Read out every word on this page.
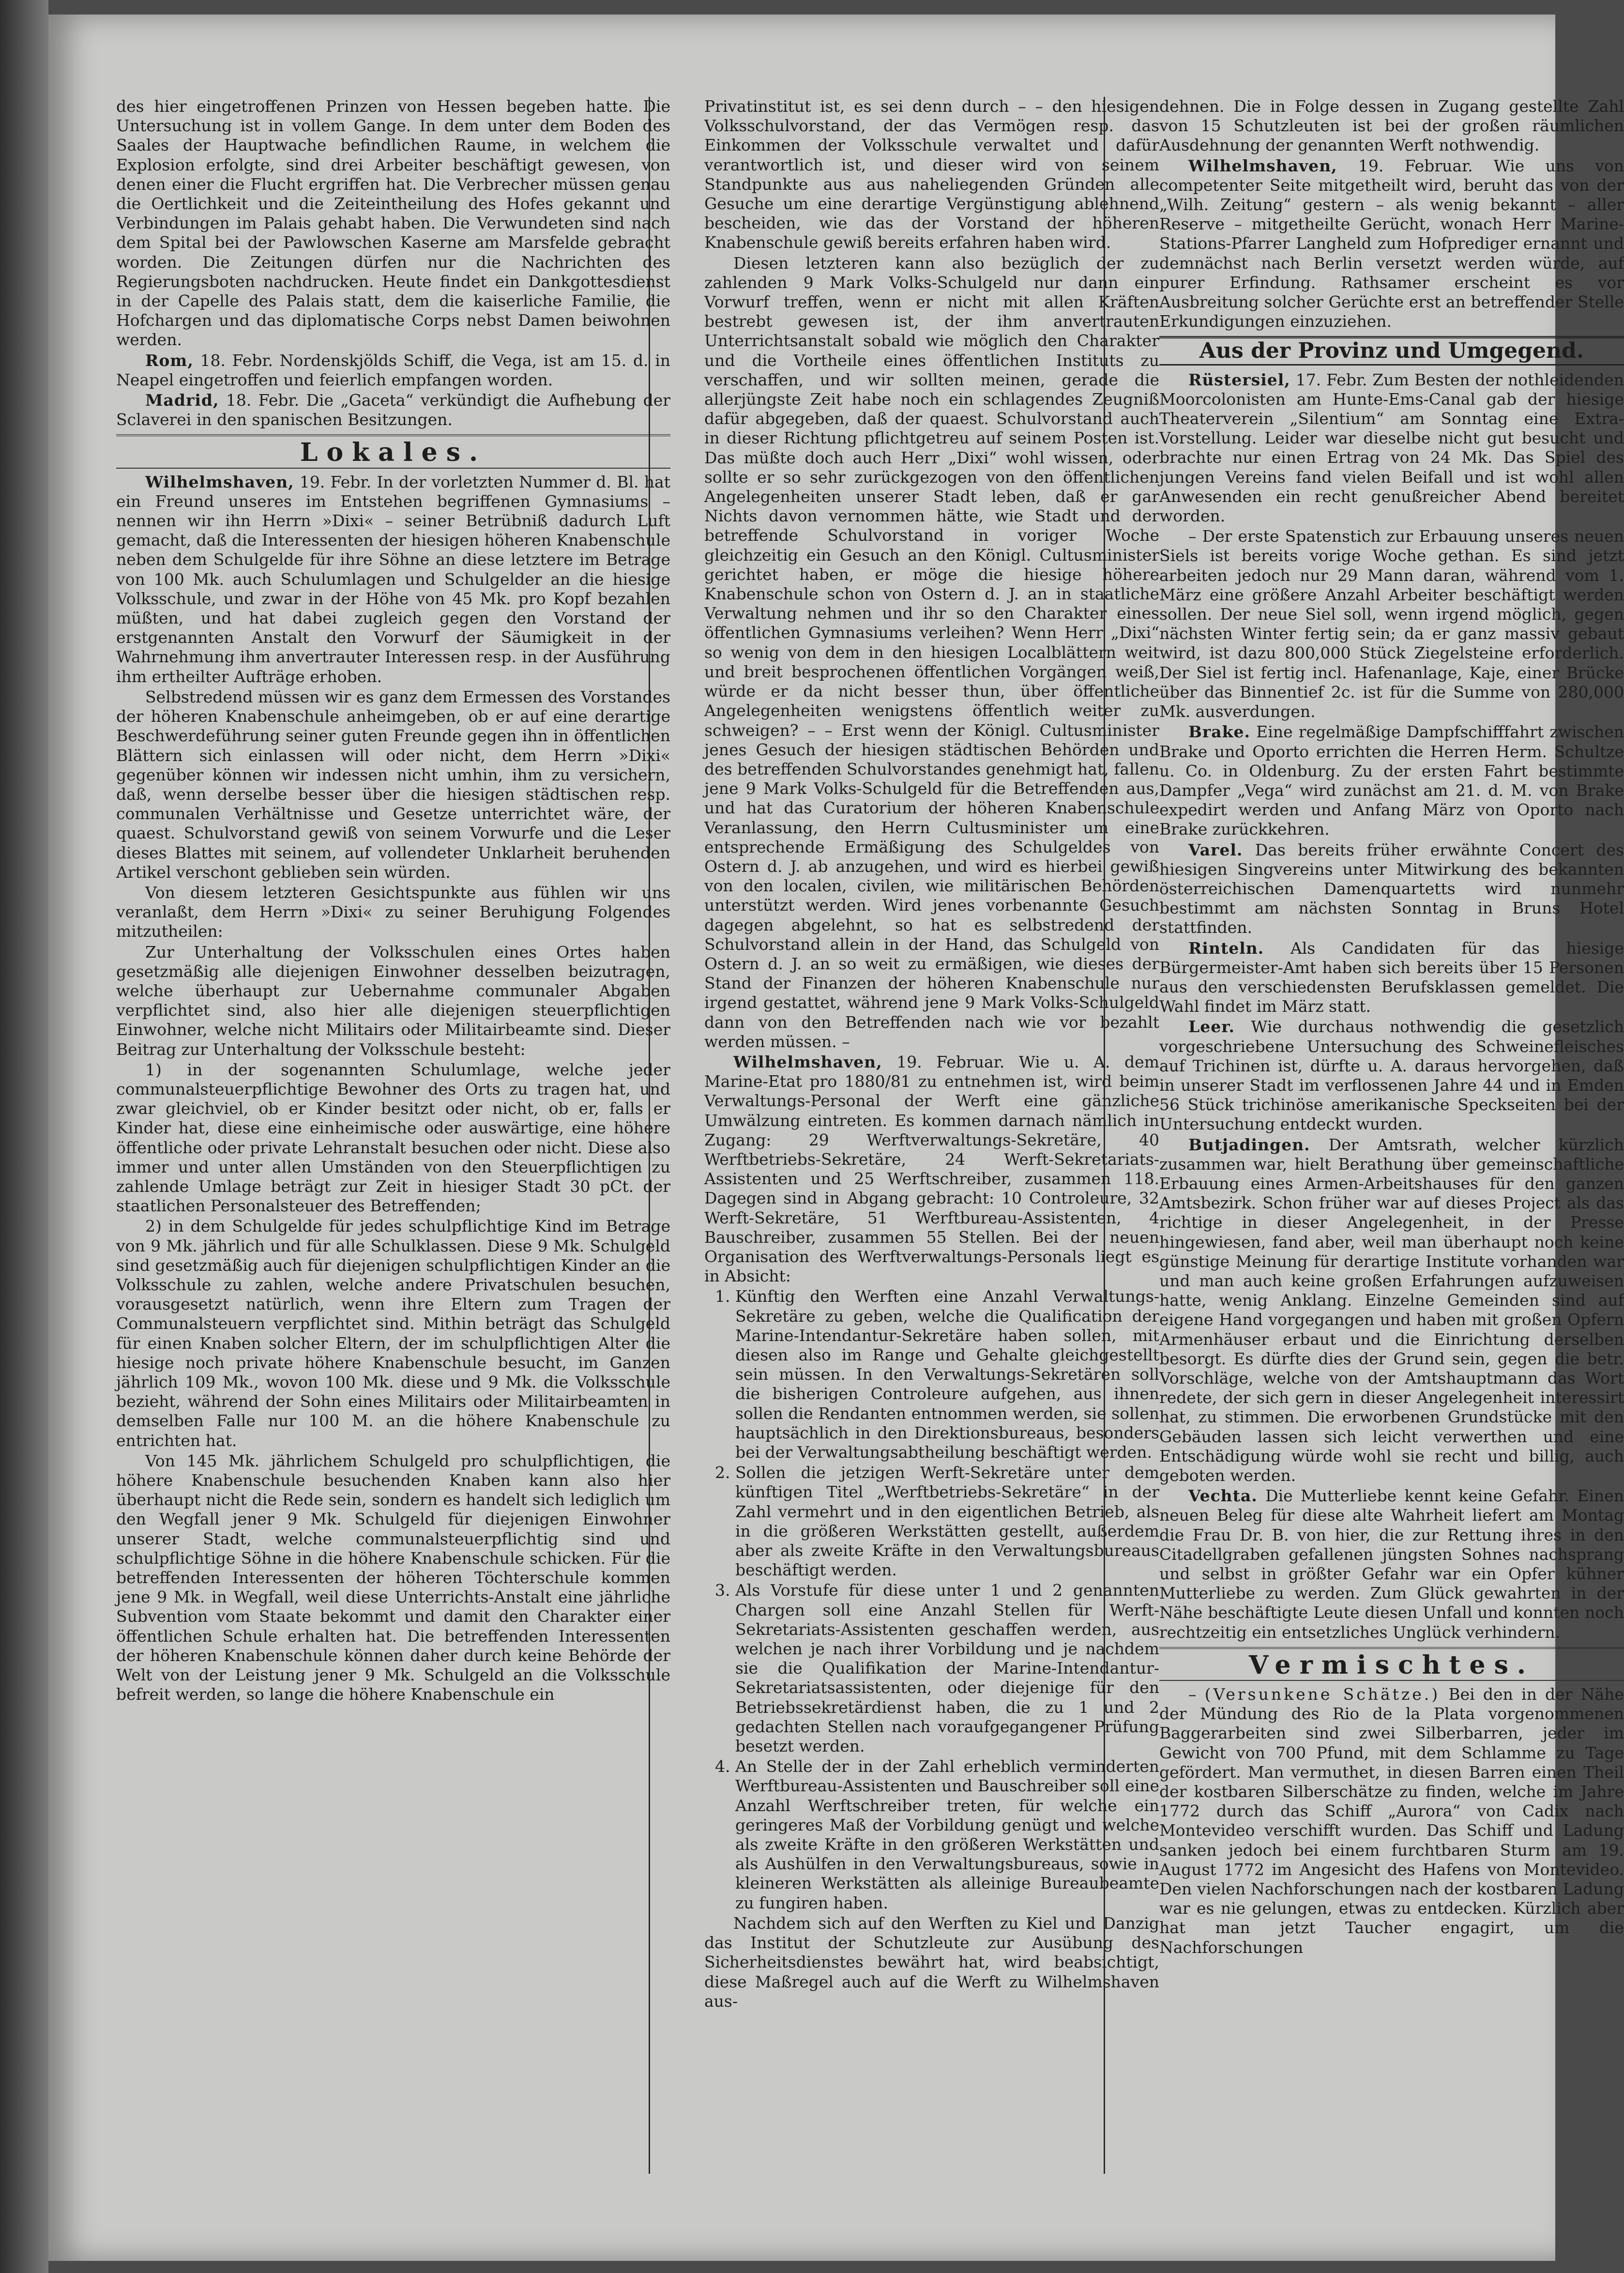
des hier eingetroffenen Prinzen von Hessen begeben hatte. Die Untersuchung ist in vollem Gange. In dem unter dem Boden des Saales der Hauptwache befindlichen Raume, in welchem die Explosion erfolgte, sind drei Arbeiter beschäftigt gewesen, von denen einer die Flucht ergriffen hat. Die Verbrecher müssen genau die Oertlichkeit und die Zeiteintheilung des Hofes gekannt und Verbindungen im Palais gehabt haben. Die Verwundeten sind nach dem Spital bei der Pawlowschen Kaserne am Marsfelde gebracht worden. Die Zeitungen dürfen nur die Nachrichten des Regierungsboten nachdrucken. Heute findet ein Dankgottesdienst in der Capelle des Palais statt, dem die kaiserliche Familie, die Hofchargen und das diplomatische Corps nebst Damen beiwohnen werden.

Rom, 18. Febr. Nordenskjölds Schiff, die Vega, ist am 15. d. in Neapel eingetroffen und feierlich empfangen worden.

Madrid, 18. Febr. Die „Gaceta“ verkündigt die Aufhebung der Sclaverei in den spanischen Besitzungen.

Lokales.

Wilhelmshaven, 19. Febr. In der vorletzten Nummer d. Bl. hat ein Freund unseres im Entstehen begriffenen Gymnasiums – nennen wir ihn Herrn »Dixi« – seiner Betrübniß dadurch Luft gemacht, daß die Interessenten der hiesigen höheren Knabenschule neben dem Schulgelde für ihre Söhne an diese letztere im Betrage von 100 Mk. auch Schulumlagen und Schulgelder an die hiesige Volksschule, und zwar in der Höhe von 45 Mk. pro Kopf bezahlen müßten, und hat dabei zugleich gegen den Vorstand der erstgenannten Anstalt den Vorwurf der Säumigkeit in der Wahrnehmung ihm anvertrauter Interessen resp. in der Ausführung ihm ertheilter Aufträge erhoben.

Selbstredend müssen wir es ganz dem Ermessen des Vorstandes der höheren Knabenschule anheimgeben, ob er auf eine derartige Beschwerdeführung seiner guten Freunde gegen ihn in öffentlichen Blättern sich einlassen will oder nicht, dem Herrn »Dixi« gegenüber können wir indessen nicht umhin, ihm zu versichern, daß, wenn derselbe besser über die hiesigen städtischen resp. communalen Verhältnisse und Gesetze unterrichtet wäre, der quaest. Schulvorstand gewiß von seinem Vorwurfe und die Leser dieses Blattes mit seinem, auf vollendeter Unklarheit beruhenden Artikel verschont geblieben sein würden.

Von diesem letzteren Gesichtspunkte aus fühlen wir uns veranlaßt, dem Herrn »Dixi« zu seiner Beruhigung Folgendes mitzutheilen:

Zur Unterhaltung der Volksschulen eines Ortes haben gesetzmäßig alle diejenigen Einwohner desselben beizutragen, welche überhaupt zur Uebernahme communaler Abgaben verpflichtet sind, also hier alle diejenigen steuerpflichtigen Einwohner, welche nicht Militairs oder Militairbeamte sind. Dieser Beitrag zur Unterhaltung der Volksschule besteht:

1) in der sogenannten Schulumlage, welche jeder communalsteuerpflichtige Bewohner des Orts zu tragen hat, und zwar gleichviel, ob er Kinder besitzt oder nicht, ob er, falls er Kinder hat, diese eine einheimische oder auswärtige, eine höhere öffentliche oder private Lehranstalt besuchen oder nicht. Diese also immer und unter allen Umständen von den Steuerpflichtigen zu zahlende Umlage beträgt zur Zeit in hiesiger Stadt 30 pCt. der staatlichen Personalsteuer des Betreffenden;

2) in dem Schulgelde für jedes schulpflichtige Kind im Betrage von 9 Mk. jährlich und für alle Schulklassen. Diese 9 Mk. Schulgeld sind gesetzmäßig auch für diejenigen schulpflichtigen Kinder an die Volksschule zu zahlen, welche andere Privatschulen besuchen, vorausgesetzt natürlich, wenn ihre Eltern zum Tragen der Communalsteuern verpflichtet sind. Mithin beträgt das Schulgeld für einen Knaben solcher Eltern, der im schulpflichtigen Alter die hiesige noch private höhere Knabenschule besucht, im Ganzen jährlich 109 Mk., wovon 100 Mk. diese und 9 Mk. die Volksschule bezieht, während der Sohn eines Militairs oder Militairbeamten in demselben Falle nur 100 M. an die höhere Knabenschule zu entrichten hat.

Von 145 Mk. jährlichem Schulgeld pro schulpflichtigen, die höhere Knabenschule besuchenden Knaben kann also hier überhaupt nicht die Rede sein, sondern es handelt sich lediglich um den Wegfall jener 9 Mk. Schulgeld für diejenigen Einwohner unserer Stadt, welche communalsteuerpflichtig sind und schulpflichtige Söhne in die höhere Knabenschule schicken. Für die betreffenden Interessenten der höheren Töchterschule kommen jene 9 Mk. in Wegfall, weil diese Unterrichts-Anstalt eine jährliche Subvention vom Staate bekommt und damit den Charakter einer öffentlichen Schule erhalten hat. Die betreffenden Interessenten der höheren Knabenschule können daher durch keine Behörde der Welt von der Leistung jener 9 Mk. Schulgeld an die Volksschule befreit werden, so lange die höhere Knabenschule ein

Privatinstitut ist, es sei denn durch – – den hiesigen Volksschulvorstand, der das Vermögen resp. das Einkommen der Volksschule verwaltet und dafür verantwortlich ist, und dieser wird von seinem Standpunkte aus aus naheliegenden Gründen alle Gesuche um eine derartige Vergünstigung ablehnend bescheiden, wie das der Vorstand der höheren Knabenschule gewiß bereits erfahren haben wird.

Diesen letzteren kann also bezüglich der zu zahlenden 9 Mark Volks-Schulgeld nur dann ein Vorwurf treffen, wenn er nicht mit allen Kräften bestrebt gewesen ist, der ihm anvertrauten Unterrichtsanstalt sobald wie möglich den Charakter und die Vortheile eines öffentlichen Instituts zu verschaffen, und wir sollten meinen, gerade die allerjüngste Zeit habe noch ein schlagendes Zeugniß dafür abgegeben, daß der quaest. Schulvorstand auch in dieser Richtung pflichtgetreu auf seinem Posten ist. Das müßte doch auch Herr „Dixi“ wohl wissen, oder sollte er so sehr zurückgezogen von den öffentlichen Angelegenheiten unserer Stadt leben, daß er gar Nichts davon vernommen hätte, wie Stadt und der betreffende Schulvorstand in voriger Woche gleichzeitig ein Gesuch an den Königl. Cultusminister gerichtet haben, er möge die hiesige höhere Knabenschule schon von Ostern d. J. an in staatliche Verwaltung nehmen und ihr so den Charakter eines öffentlichen Gymnasiums verleihen? Wenn Herr „Dixi“ so wenig von dem in den hiesigen Localblättern weit und breit besprochenen öffentlichen Vorgängen weiß, würde er da nicht besser thun, über öffentliche Angelegenheiten wenigstens öffentlich weiter zu schweigen? – – Erst wenn der Königl. Cultusminister jenes Gesuch der hiesigen städtischen Behörden und des betreffenden Schulvorstandes genehmigt hat, fallen jene 9 Mark Volks-Schulgeld für die Betreffenden aus, und hat das Curatorium der höheren Knabenschule Veranlassung, den Herrn Cultusminister um eine entsprechende Ermäßigung des Schulgeldes von Ostern d. J. ab anzugehen, und wird es hierbei gewiß von den localen, civilen, wie militärischen Behörden unterstützt werden. Wird jenes vorbenannte Gesuch dagegen abgelehnt, so hat es selbstredend der Schulvorstand allein in der Hand, das Schulgeld von Ostern d. J. an so weit zu ermäßigen, wie dieses der Stand der Finanzen der höheren Knabenschule nur irgend gestattet, während jene 9 Mark Volks-Schulgeld dann von den Betreffenden nach wie vor bezahlt werden müssen. –

Wilhelmshaven, 19. Februar. Wie u. A. dem Marine-Etat pro 1880/81 zu entnehmen ist, wird beim Verwaltungs-Personal der Werft eine gänzliche Umwälzung eintreten. Es kommen darnach nämlich in Zugang: 29 Werftverwaltungs-Sekretäre, 40 Werftbetriebs-Sekretäre, 24 Werft-Sekretariats-Assistenten und 25 Werftschreiber, zusammen 118. Dagegen sind in Abgang gebracht: 10 Controleure, 32 Werft-Sekretäre, 51 Werftbureau-Assistenten, 4 Bauschreiber, zusammen 55 Stellen. Bei der neuen Organisation des Werftverwaltungs-Personals liegt es in Absicht:

1. Künftig den Werften eine Anzahl Verwaltungs-Sekretäre zu geben, welche die Qualification der Marine-Intendantur-Sekretäre haben sollen, mit diesen also im Range und Gehalte gleichgestellt sein müssen. In den Verwaltungs-Sekretären soll die bisherigen Controleure aufgehen, aus ihnen sollen die Rendanten entnommen werden, sie sollen hauptsächlich in den Direktionsbureaus, besonders bei der Verwaltungsabtheilung beschäftigt werden.
2. Sollen die jetzigen Werft-Sekretäre unter dem künftigen Titel „Werftbetriebs-Sekretäre“ in der Zahl vermehrt und in den eigentlichen Betrieb, als in die größeren Werkstätten gestellt, außerdem aber als zweite Kräfte in den Verwaltungsbureaus beschäftigt werden.
3. Als Vorstufe für diese unter 1 und 2 genannten Chargen soll eine Anzahl Stellen für Werft-Sekretariats-Assistenten geschaffen werden, aus welchen je nach ihrer Vorbildung und je nachdem sie die Qualifikation der Marine-Intendantur-Sekretariatsassistenten, oder diejenige für den Betriebssekretärdienst haben, die zu 1 und 2 gedachten Stellen nach voraufgegangener Prüfung besetzt werden.
4. An Stelle der in der Zahl erheblich verminderten Werftbureau-Assistenten und Bauschreiber soll eine Anzahl Werftschreiber treten, für welche ein geringeres Maß der Vorbildung genügt und welche als zweite Kräfte in den größeren Werkstätten und als Aushülfen in den Verwaltungsbureaus, sowie in kleineren Werkstätten als alleinige Bureaubeamte zu fungiren haben.

Nachdem sich auf den Werften zu Kiel und Danzig das Institut der Schutzleute zur Ausübung des Sicherheitsdienstes bewährt hat, wird beabsichtigt, diese Maßregel auch auf die Werft zu Wilhelmshaven aus-

dehnen. Die in Folge dessen in Zugang gestellte Zahl von 15 Schutzleuten ist bei der großen räumlichen Ausdehnung der genannten Werft nothwendig.

Wilhelmshaven, 19. Februar. Wie uns von competenter Seite mitgetheilt wird, beruht das von der „Wilh. Zeitung“ gestern – als wenig bekannt – aller Reserve – mitgetheilte Gerücht, wonach Herr Marine-Stations-Pfarrer Langheld zum Hofprediger ernannt und demnächst nach Berlin versetzt werden würde, auf purer Erfindung. Rathsamer erscheint es vor Ausbreitung solcher Gerüchte erst an betreffender Stelle Erkundigungen einzuziehen.

Aus der Provinz und Umgegend.

Rüstersiel, 17. Febr. Zum Besten der nothleidenden Moorcolonisten am Hunte-Ems-Canal gab der hiesige Theaterverein „Silentium“ am Sonntag eine Extra-Vorstellung. Leider war dieselbe nicht gut besucht und brachte nur einen Ertrag von 24 Mk. Das Spiel des jungen Vereins fand vielen Beifall und ist wohl allen Anwesenden ein recht genußreicher Abend bereitet worden.

– Der erste Spatenstich zur Erbauung unseres neuen Siels ist bereits vorige Woche gethan. Es sind jetzt arbeiten jedoch nur 29 Mann daran, während vom 1. März eine größere Anzahl Arbeiter beschäftigt werden sollen. Der neue Siel soll, wenn irgend möglich, gegen nächsten Winter fertig sein; da er ganz massiv gebaut wird, ist dazu 800,000 Stück Ziegelsteine erforderlich. Der Siel ist fertig incl. Hafenanlage, Kaje, einer Brücke über das Binnentief 2c. ist für die Summe von 280,000 Mk. ausverdungen.

Brake. Eine regelmäßige Dampfschifffahrt zwischen Brake und Oporto errichten die Herren Herm. Schultze u. Co. in Oldenburg. Zu der ersten Fahrt bestimmte Dampfer „Vega“ wird zunächst am 21. d. M. von Brake expedirt werden und Anfang März von Oporto nach Brake zurückkehren.

Varel. Das bereits früher erwähnte Concert des hiesigen Singvereins unter Mitwirkung des bekannten österreichischen Damenquartetts wird nunmehr bestimmt am nächsten Sonntag in Bruns Hotel stattfinden.

Rinteln. Als Candidaten für das hiesige Bürgermeister-Amt haben sich bereits über 15 Personen aus den verschiedensten Berufsklassen gemeldet. Die Wahl findet im März statt.

Leer. Wie durchaus nothwendig die gesetzlich vorgeschriebene Untersuchung des Schweinefleisches auf Trichinen ist, dürfte u. A. daraus hervorgehen, daß in unserer Stadt im verflossenen Jahre 44 und in Emden 56 Stück trichinöse amerikanische Speckseiten bei der Untersuchung entdeckt wurden.

Butjadingen. Der Amtsrath, welcher kürzlich zusammen war, hielt Berathung über gemeinschaftliche Erbauung eines Armen-Arbeitshauses für den ganzen Amtsbezirk. Schon früher war auf dieses Project als das richtige in dieser Angelegenheit, in der Presse hingewiesen, fand aber, weil man überhaupt noch keine günstige Meinung für derartige Institute vorhanden war und man auch keine großen Erfahrungen aufzuweisen hatte, wenig Anklang. Einzelne Gemeinden sind auf eigene Hand vorgegangen und haben mit großen Opfern Armenhäuser erbaut und die Einrichtung derselben besorgt. Es dürfte dies der Grund sein, gegen die betr. Vorschläge, welche von der Amtshauptmann das Wort redete, der sich gern in dieser Angelegenheit interessirt hat, zu stimmen. Die erworbenen Grundstücke mit den Gebäuden lassen sich leicht verwerthen und eine Entschädigung würde wohl sie recht und billig, auch geboten werden.

Vechta. Die Mutterliebe kennt keine Gefahr. Einen neuen Beleg für diese alte Wahrheit liefert am Montag die Frau Dr. B. von hier, die zur Rettung ihres in den Citadellgraben gefallenen jüngsten Sohnes nachsprang und selbst in größter Gefahr war ein Opfer kühner Mutterliebe zu werden. Zum Glück gewahrten in der Nähe beschäftigte Leute diesen Unfall und konnten noch rechtzeitig ein entsetzliches Unglück verhindern.

Vermischtes.

– (Versunkene Schätze.) Bei den in der Nähe der Mündung des Rio de la Plata vorgenommenen Baggerarbeiten sind zwei Silberbarren, jeder im Gewicht von 700 Pfund, mit dem Schlamme zu Tage gefördert. Man vermuthet, in diesen Barren einen Theil der kostbaren Silberschätze zu finden, welche im Jahre 1772 durch das Schiff „Aurora“ von Cadix nach Montevideo verschifft wurden. Das Schiff und Ladung sanken jedoch bei einem furchtbaren Sturm am 19. August 1772 im Angesicht des Hafens von Montevideo. Den vielen Nachforschungen nach der kostbaren Ladung war es nie gelungen, etwas zu entdecken. Kürzlich aber hat man jetzt Taucher engagirt, um die Nachforschungen
